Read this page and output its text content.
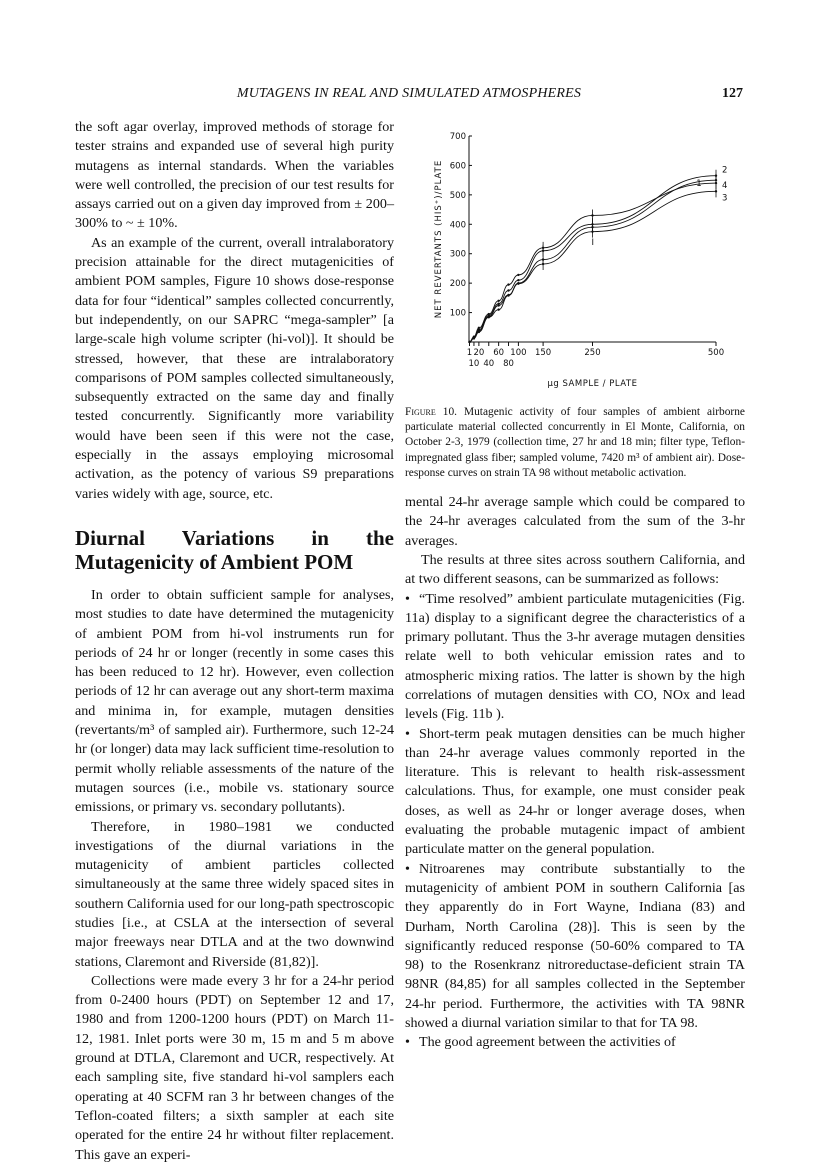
MUTAGENS IN REAL AND SIMULATED ATMOSPHERES	127

the soft agar overlay, improved methods of storage for tester strains and expanded use of several high purity mutagens as internal standards. When the variables were well controlled, the precision of our test results for assays carried out on a given day improved from ± 200–300% to ~ ± 10%.

As an example of the current, overall intralaboratory precision attainable for the direct mutagenicities of ambient POM samples, Figure 10 shows dose-response data for four “identical” samples collected concurrently, but independently, on our SAPRC “mega-sampler” [a large-scale high volume scripter (hi-vol)]. It should be stressed, however, that these are intralaboratory comparisons of POM samples collected simultaneously, subsequently extracted on the same day and finally tested concurrently. Significantly more variability would have been seen if this were not the case, especially in the assays employing microsomal activation, as the potency of various S9 preparations varies widely with age, source, etc.

Diurnal Variations in the Mutagenicity of Ambient POM

In order to obtain sufficient sample for analyses, most studies to date have determined the mutagenicity of ambient POM from hi-vol instruments run for periods of 24 hr or longer (recently in some cases this has been reduced to 12 hr). However, even collection periods of 12 hr can average out any short-term maxima and minima in, for example, mutagen densities (revertants/m³ of sampled air). Furthermore, such 12-24 hr (or longer) data may lack sufficient time-resolution to permit wholly reliable assessments of the nature of the mutagen sources (i.e., mobile vs. stationary source emissions, or primary vs. secondary pollutants).

Therefore, in 1980–1981 we conducted investigations of the diurnal variations in the mutagenicity of ambient particles collected simultaneously at the same three widely spaced sites in southern California used for our long-path spectroscopic studies [i.e., at CSLA at the intersection of several major freeways near DTLA and at the two downwind stations, Claremont and Riverside (81,82)].

Collections were made every 3 hr for a 24-hr period from 0-2400 hours (PDT) on September 12 and 17, 1980 and from 1200-1200 hours (PDT) on March 11-12, 1981. Inlet ports were 30 m, 15 m and 5 m above ground at DTLA, Claremont and UCR, respectively. At each sampling site, five standard hi-vol samplers each operating at 40 SCFM ran 3 hr between changes of the Teflon-coated filters; a sixth sampler at each site operated for the entire 24 hr without filter replacement. This gave an experi-

100
200
300
400
500
600
700
1 20 60 100 150	250	500
10 40 80
µg SAMPLE / PLATE
NET REVERTANTS (HIS⁺)/PLATE	1
2
4
3
I
Figure 10. Mutagenic activity of four samples of ambient airborne particulate material collected concurrently in El Monte, California, on October 2-3, 1979 (collection time, 27 hr and 18 min; filter type, Teflon-impregnated glass fiber; sampled volume, 7420 m³ of ambient air). Dose-response curves on strain TA 98 without metabolic activation.

mental 24-hr average sample which could be compared to the 24-hr averages calculated from the sum of the 3-hr averages.

The results at three sites across southern California, and at two different seasons, can be summarized as follows:

• “Time resolved” ambient particulate mutagenicities (Fig. 11a) display to a significant degree the characteristics of a primary pollutant. Thus the 3-hr average mutagen densities relate well to both vehicular emission rates and to atmospheric mixing ratios. The latter is shown by the high correlations of mutagen densities with CO, NOx and lead levels (Fig. 11b ).

• Short-term peak mutagen densities can be much higher than 24-hr average values commonly reported in the literature. This is relevant to health risk-assessment calculations. Thus, for example, one must consider peak doses, as well as 24-hr or longer average doses, when evaluating the probable mutagenic impact of ambient particulate matter on the general population.

• Nitroarenes may contribute substantially to the mutagenicity of ambient POM in southern California [as they apparently do in Fort Wayne, Indiana (83) and Durham, North Carolina (28)]. This is seen by the significantly reduced response (50-60% compared to TA 98) to the Rosenkranz nitroreductase-deficient strain TA 98NR (84,85) for all samples collected in the September 24-hr period. Furthermore, the activities with TA 98NR showed a diurnal variation similar to that for TA 98.

• The good agreement between the activities of
